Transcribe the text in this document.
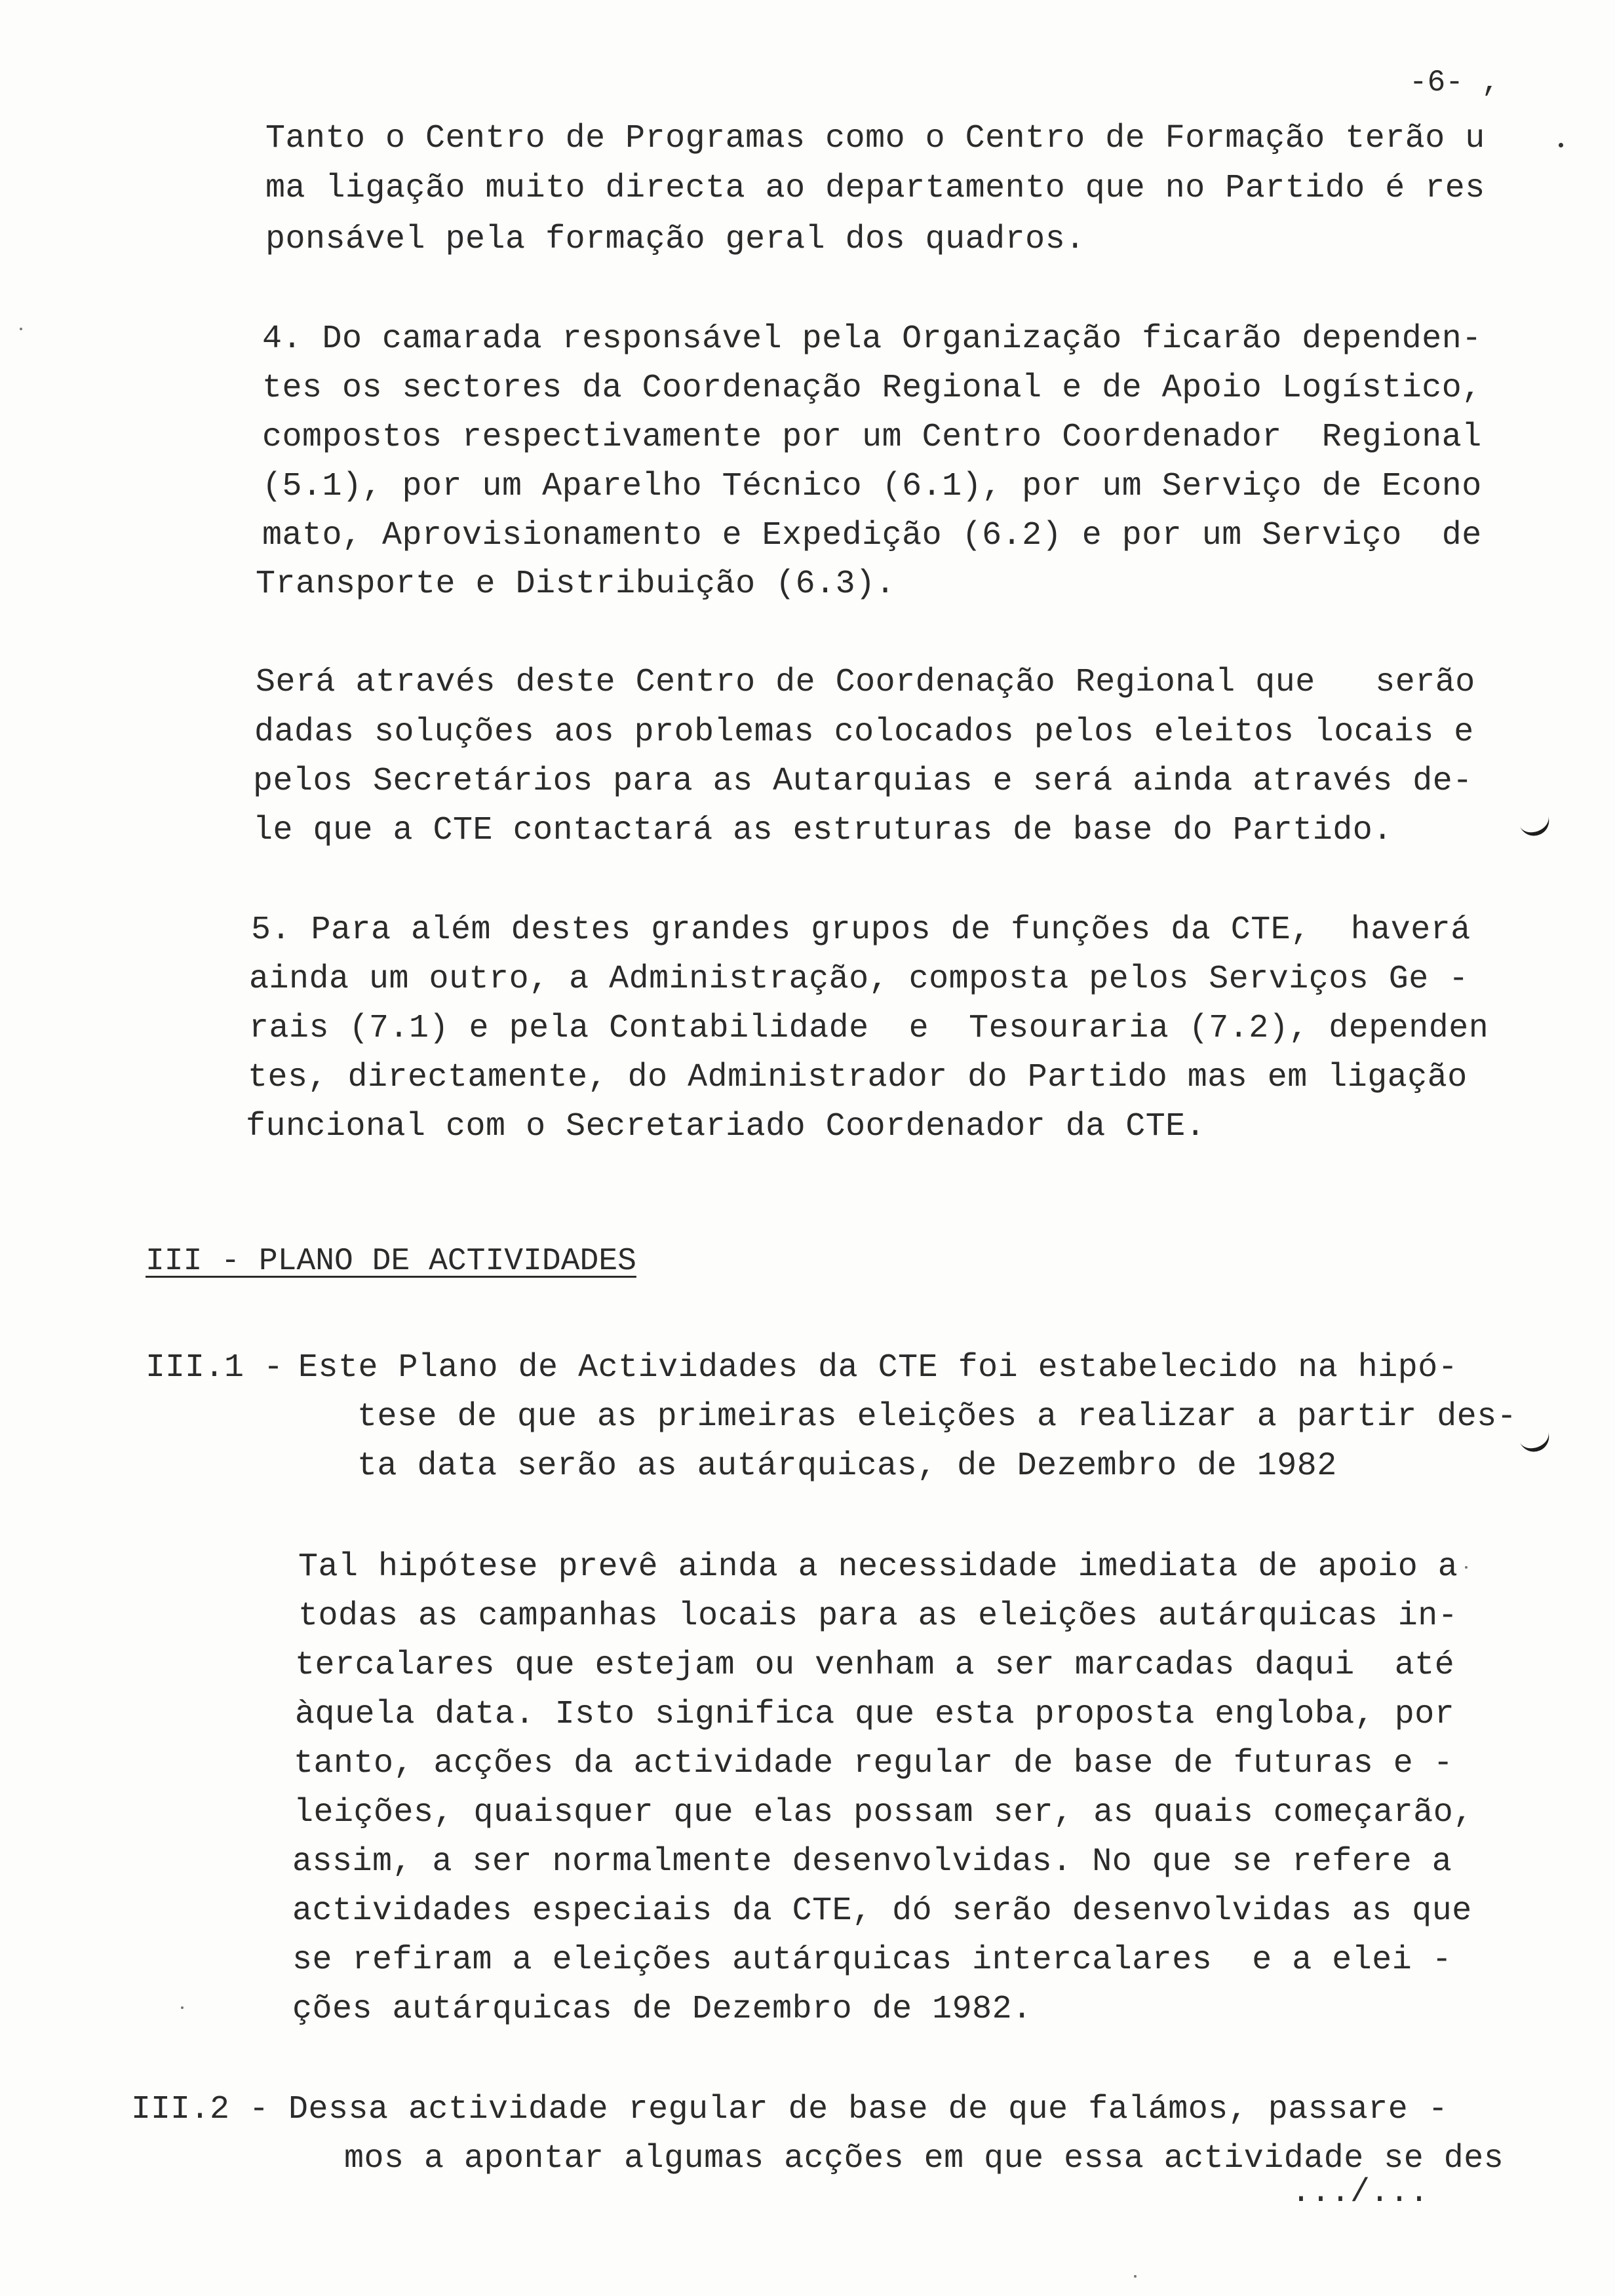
-6- ,
Tanto o Centro de Programas como o Centro de Formação terão u
ma ligação muito directa ao departamento que no Partido é res
ponsável pela formação geral dos quadros.
4. Do camarada responsável pela Organização ficarão dependen-
tes os sectores da Coordenação Regional e de Apoio Logístico,
compostos respectivamente por um Centro Coordenador  Regional
(5.1), por um Aparelho Técnico (6.1), por um Serviço de Econo
mato, Aprovisionamento e Expedição (6.2) e por um Serviço  de
Transporte e Distribuição (6.3).
Será através deste Centro de Coordenação Regional que   serão
dadas soluções aos problemas colocados pelos eleitos locais e
pelos Secretários para as Autarquias e será ainda através de-
le que a CTE contactará as estruturas de base do Partido.
5. Para além destes grandes grupos de funções da CTE,  haverá
ainda um outro, a Administração, composta pelos Serviços Ge -
rais (7.1) e pela Contabilidade  e  Tesouraria (7.2), dependen
tes, directamente, do Administrador do Partido mas em ligação
funcional com o Secretariado Coordenador da CTE.
III - PLANO DE ACTIVIDADES
III.1 - Este Plano de Actividades da CTE foi estabelecido na hipó-
tese de que as primeiras eleições a realizar a partir des-
ta data serão as autárquicas, de Dezembro de 1982
Tal hipótese prevê ainda a necessidade imediata de apoio a
todas as campanhas locais para as eleições autárquicas in-
tercalares que estejam ou venham a ser marcadas daqui  até
àquela data. Isto significa que esta proposta engloba, por
tanto, acções da actividade regular de base de futuras e -
leições, quaisquer que elas possam ser, as quais começarão,
assim, a ser normalmente desenvolvidas. No que se refere a
actividades especiais da CTE, dó serão desenvolvidas as que
se refiram a eleições autárquicas intercalares  e a elei -
ções autárquicas de Dezembro de 1982.
III.2 - Dessa actividade regular de base de que falámos, passare -
mos a apontar algumas acções em que essa actividade se des
.../...
